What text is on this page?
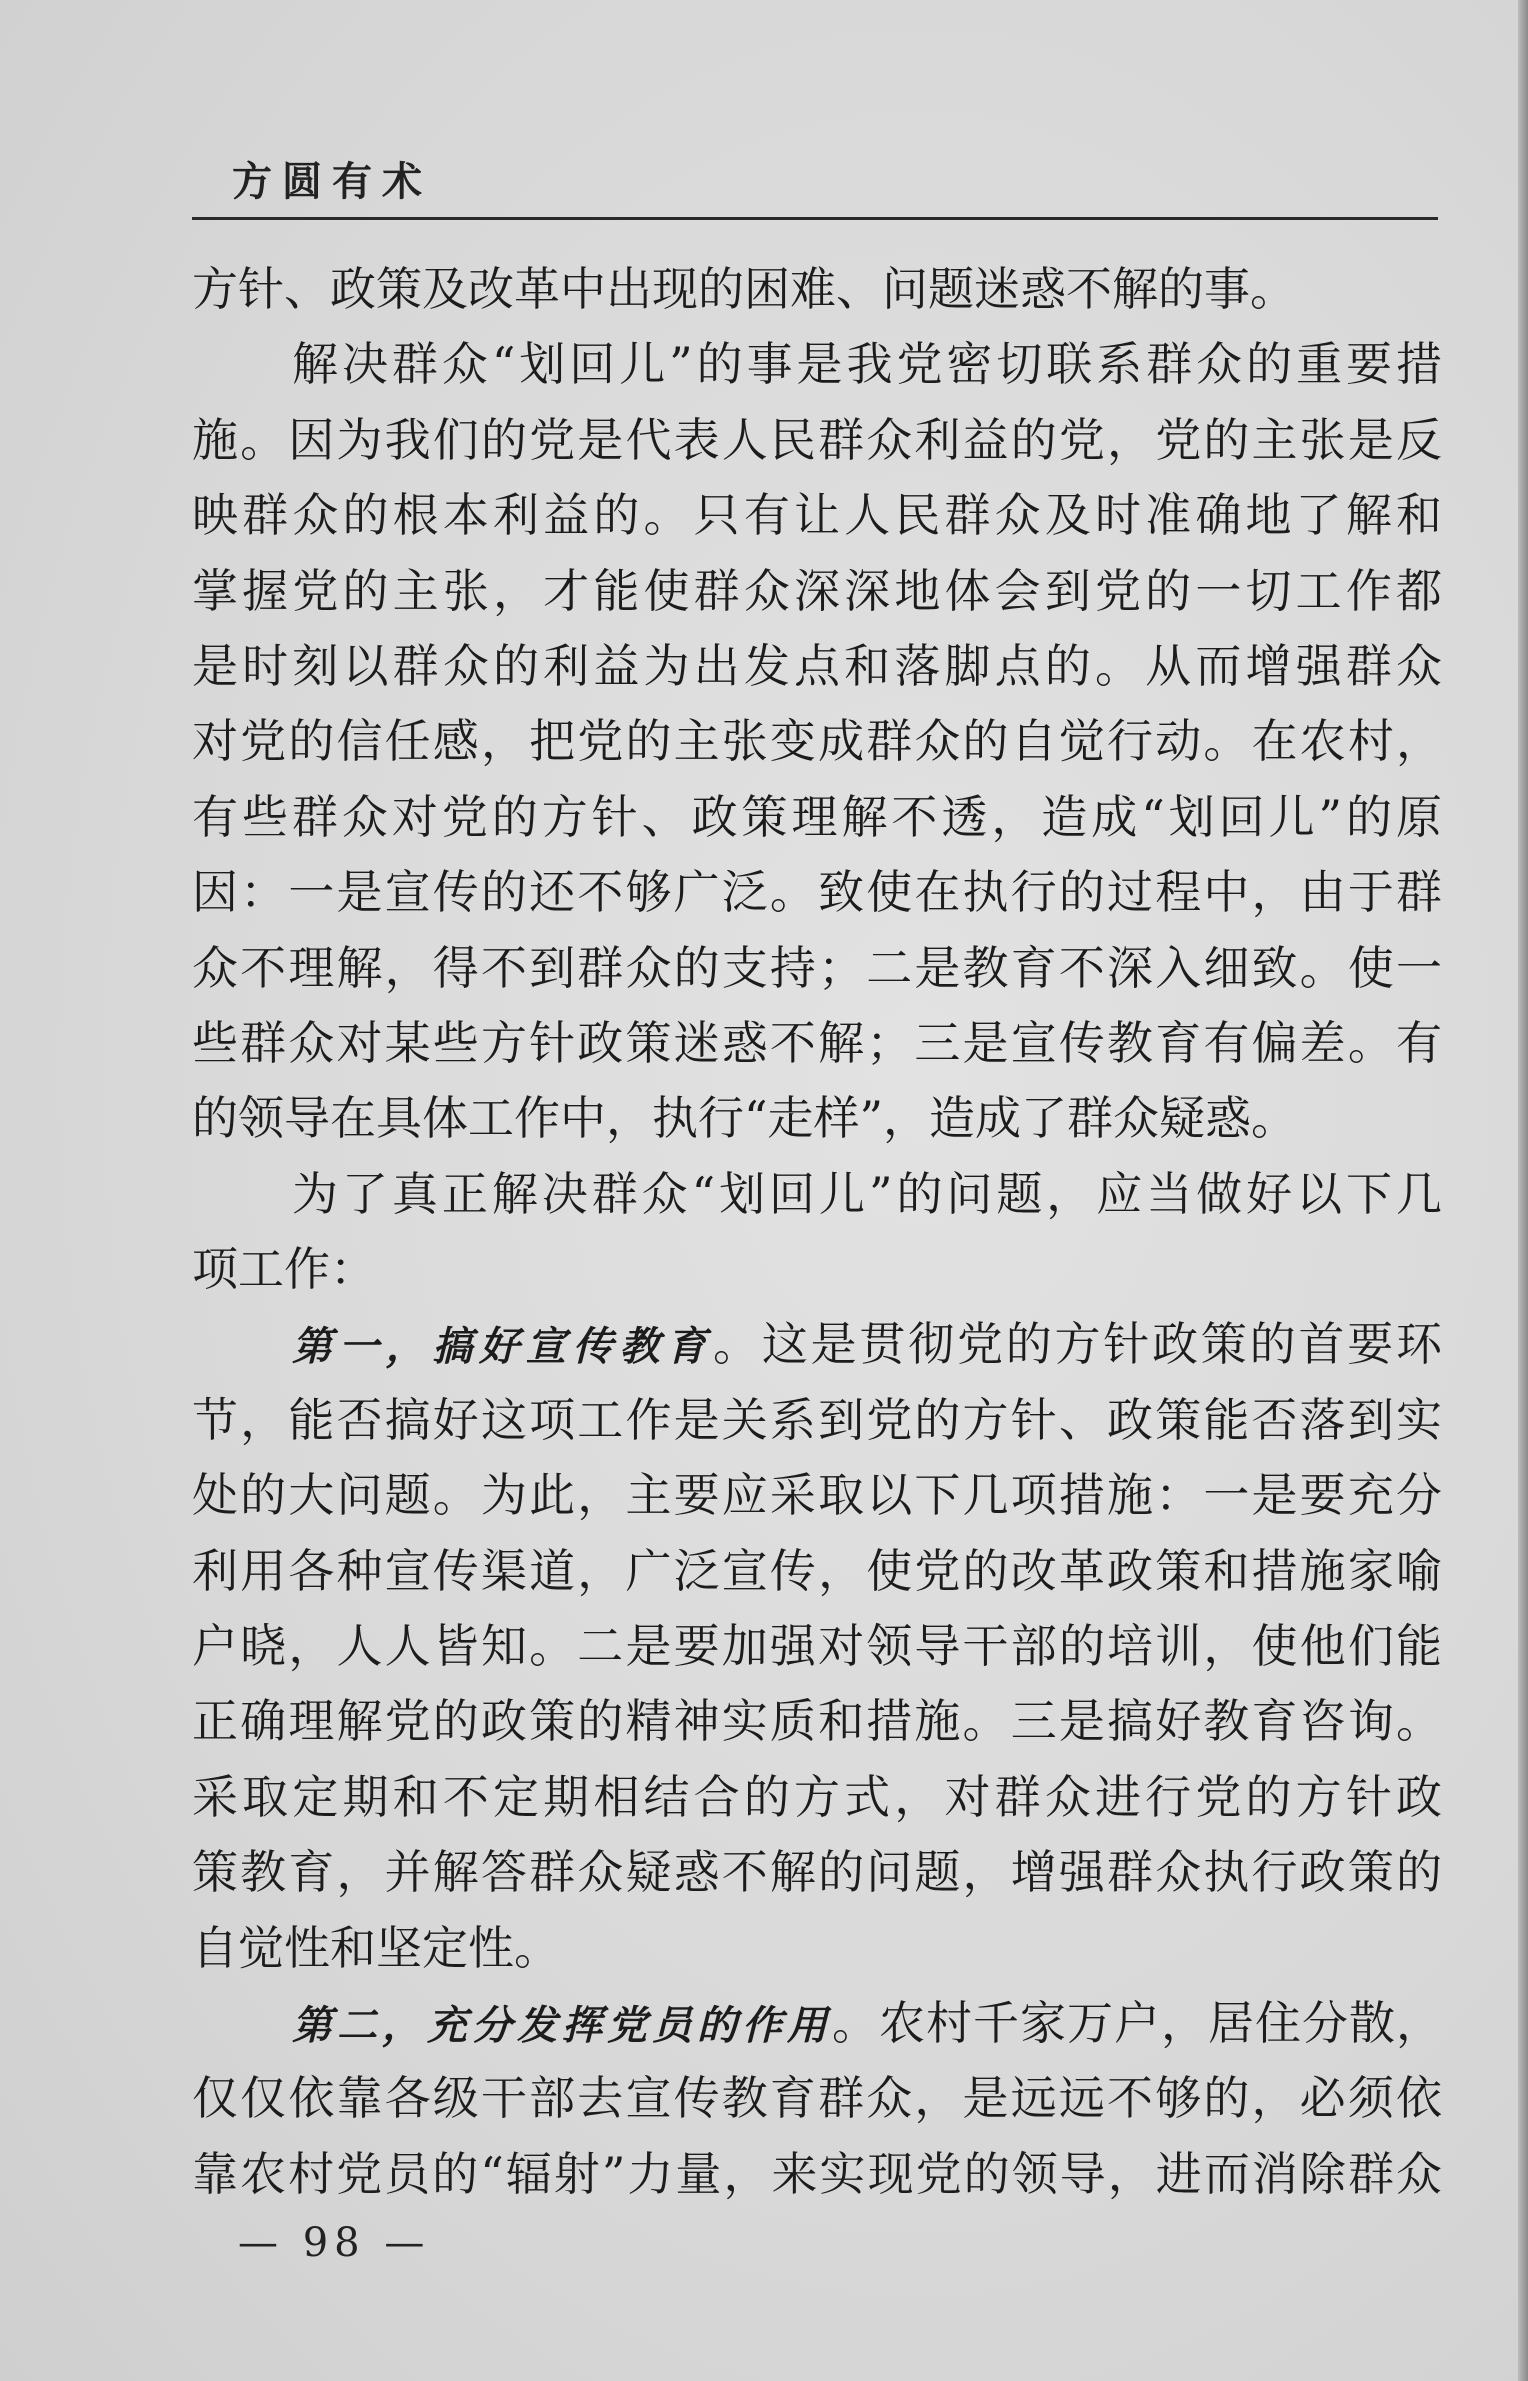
方圆有术
方针、政策及改革中出现的困难、问题迷惑不解的事。
解决群众“划回儿”的事是我党密切联系群众的重要措
施。因为我们的党是代表人民群众利益的党，党的主张是反
映群众的根本利益的。只有让人民群众及时准确地了解和
掌握党的主张，才能使群众深深地体会到党的一切工作都
是时刻以群众的利益为出发点和落脚点的。从而增强群众
对党的信任感，把党的主张变成群众的自觉行动。在农村，
有些群众对党的方针、政策理解不透，造成“划回儿”的原
因：一是宣传的还不够广泛。致使在执行的过程中，由于群
众不理解，得不到群众的支持；二是教育不深入细致。使一
些群众对某些方针政策迷惑不解；三是宣传教育有偏差。有
的领导在具体工作中，执行“走样”，造成了群众疑惑。
为了真正解决群众“划回儿”的问题，应当做好以下几
项工作：
第一，搞好宣传教育。这是贯彻党的方针政策的首要环
节，能否搞好这项工作是关系到党的方针、政策能否落到实
处的大问题。为此，主要应采取以下几项措施：一是要充分
利用各种宣传渠道，广泛宣传，使党的改革政策和措施家喻
户晓，人人皆知。二是要加强对领导干部的培训，使他们能
正确理解党的政策的精神实质和措施。三是搞好教育咨询。
采取定期和不定期相结合的方式，对群众进行党的方针政
策教育，并解答群众疑惑不解的问题，增强群众执行政策的
自觉性和坚定性。
第二，充分发挥党员的作用。农村千家万户，居住分散，
仅仅依靠各级干部去宣传教育群众，是远远不够的，必须依
靠农村党员的“辐射”力量，来实现党的领导，进而消除群众
— 98 —
